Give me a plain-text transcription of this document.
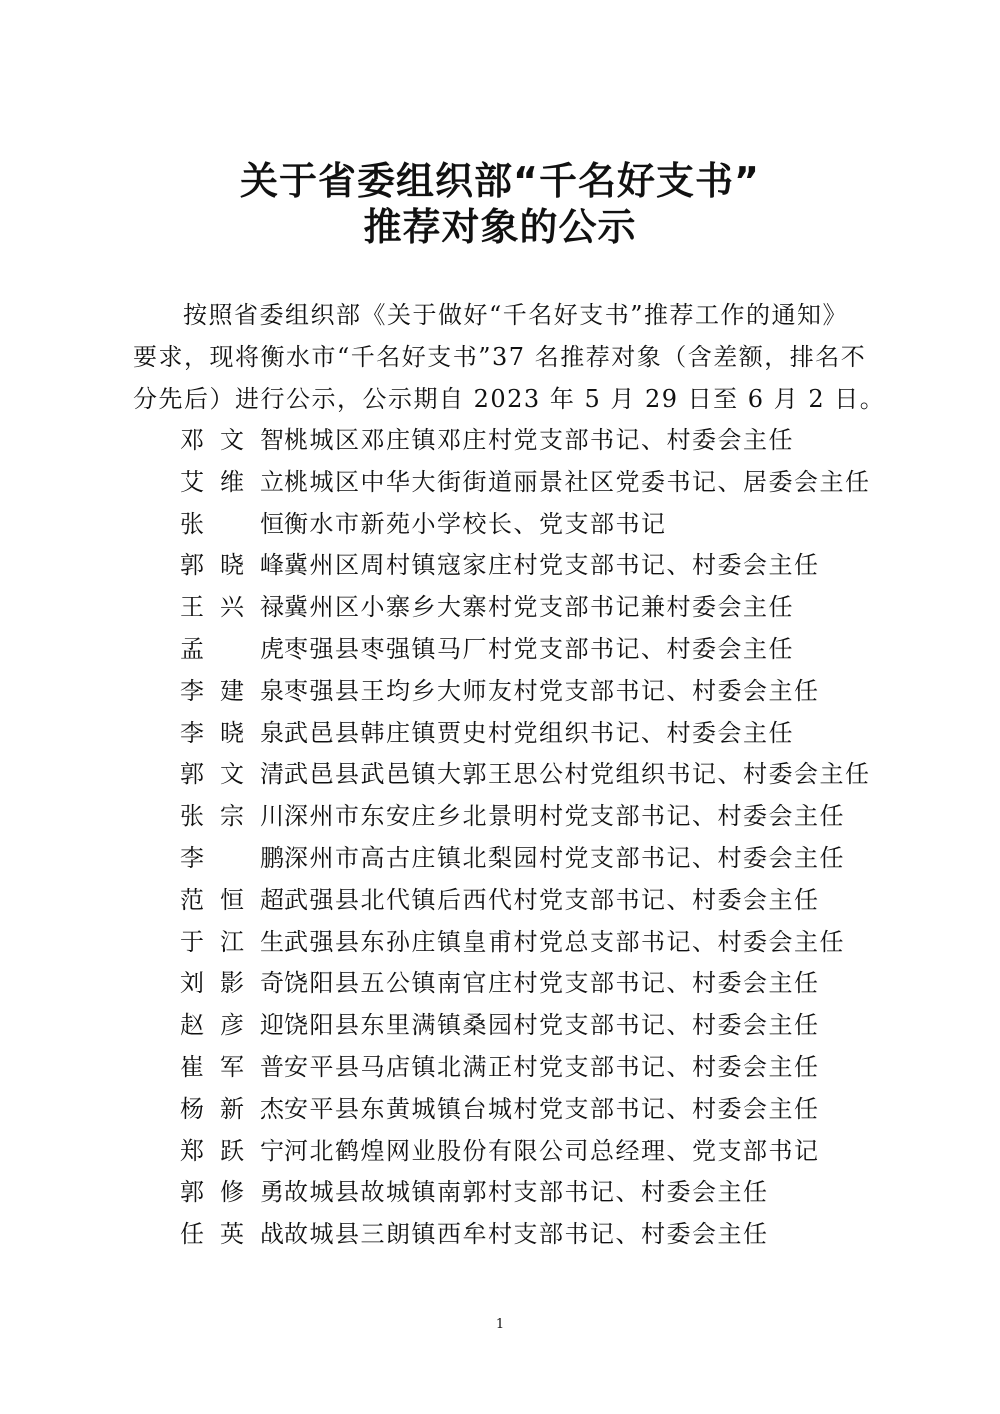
关于省委组织部“千名好支书”
推荐对象的公示
按照省委组织部《关于做好“千名好支书”推荐工作的通知》
要求，现将衡水市“千名好支书”37 名推荐对象（含差额，排名不
分先后）进行公示，公示期自 2023 年 5 月 29 日至 6 月 2 日。
邓文智 桃城区邓庄镇邓庄村党支部书记、村委会主任
艾维立 桃城区中华大街街道丽景社区党委书记、居委会主任
张　恒 衡水市新苑小学校长、党支部书记
郭晓峰 冀州区周村镇寇家庄村党支部书记、村委会主任
王兴禄 冀州区小寨乡大寨村党支部书记兼村委会主任
孟　虎 枣强县枣强镇马厂村党支部书记、村委会主任
李建泉 枣强县王均乡大师友村党支部书记、村委会主任
李晓泉 武邑县韩庄镇贾史村党组织书记、村委会主任
郭文清 武邑县武邑镇大郭王思公村党组织书记、村委会主任
张宗川 深州市东安庄乡北景明村党支部书记、村委会主任
李　鹏 深州市高古庄镇北梨园村党支部书记、村委会主任
范恒超 武强县北代镇后西代村党支部书记、村委会主任
于江生 武强县东孙庄镇皇甫村党总支部书记、村委会主任
刘影奇 饶阳县五公镇南官庄村党支部书记、村委会主任
赵彦迎 饶阳县东里满镇桑园村党支部书记、村委会主任
崔军普 安平县马店镇北满正村党支部书记、村委会主任
杨新杰 安平县东黄城镇台城村党支部书记、村委会主任
郑跃宁 河北鹤煌网业股份有限公司总经理、党支部书记
郭修勇 故城县故城镇南郭村支部书记、村委会主任
任英战 故城县三朗镇西牟村支部书记、村委会主任
1
